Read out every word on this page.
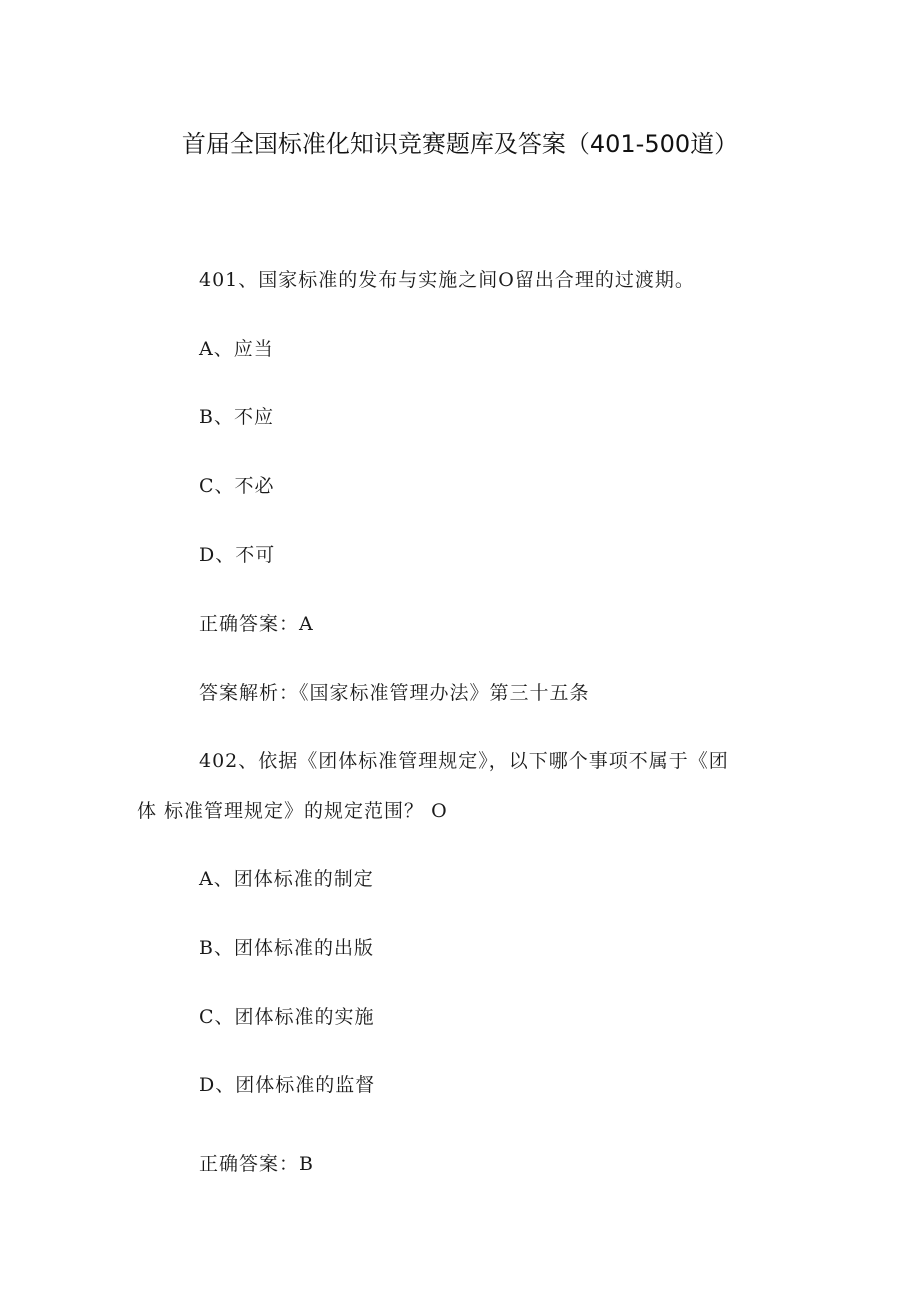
首届全国标准化知识竞赛题库及答案（401-500道）
401、国家标准的发布与实施之间O留出合理的过渡期。
A、应当
B、不应
C、不必
D、不可
正确答案：A
答案解析：《国家标准管理办法》第三十五条
402、依据《团体标准管理规定》，以下哪个事项不属于《团
体 标准管理规定》的规定范围？ O
A、团体标准的制定
B、团体标准的出版
C、团体标准的实施
D、团体标准的监督
正确答案：B
